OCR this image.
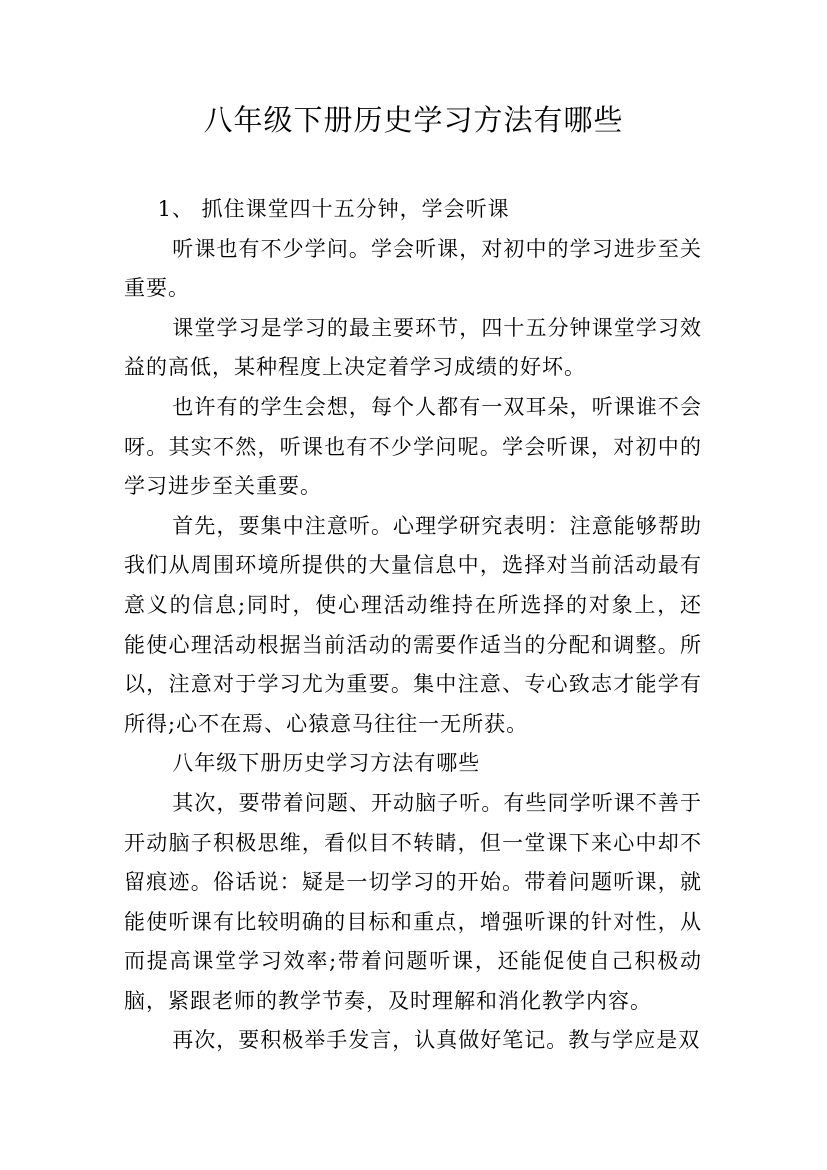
八年级下册历史学习方法有哪些

1、 抓住课堂四十五分钟，学会听课

听课也有不少学问。学会听课，对初中的学习进步至关重要。

课堂学习是学习的最主要环节，四十五分钟课堂学习效益的高低，某种程度上决定着学习成绩的好坏。

也许有的学生会想，每个人都有一双耳朵，听课谁不会呀。其实不然，听课也有不少学问呢。学会听课，对初中的学习进步至关重要。

首先，要集中注意听。心理学研究表明：注意能够帮助我们从周围环境所提供的大量信息中，选择对当前活动最有意义的信息;同时，使心理活动维持在所选择的对象上，还能使心理活动根据当前活动的需要作适当的分配和调整。所以，注意对于学习尤为重要。集中注意、专心致志才能学有所得;心不在焉、心猿意马往往一无所获。

八年级下册历史学习方法有哪些

其次，要带着问题、开动脑子听。有些同学听课不善于开动脑子积极思维，看似目不转睛，但一堂课下来心中却不留痕迹。俗话说：疑是一切学习的开始。带着问题听课，就能使听课有比较明确的目标和重点，增强听课的针对性，从而提高课堂学习效率;带着问题听课，还能促使自己积极动脑，紧跟老师的教学节奏，及时理解和消化教学内容。

再次，要积极举手发言，认真做好笔记。教与学应是双
